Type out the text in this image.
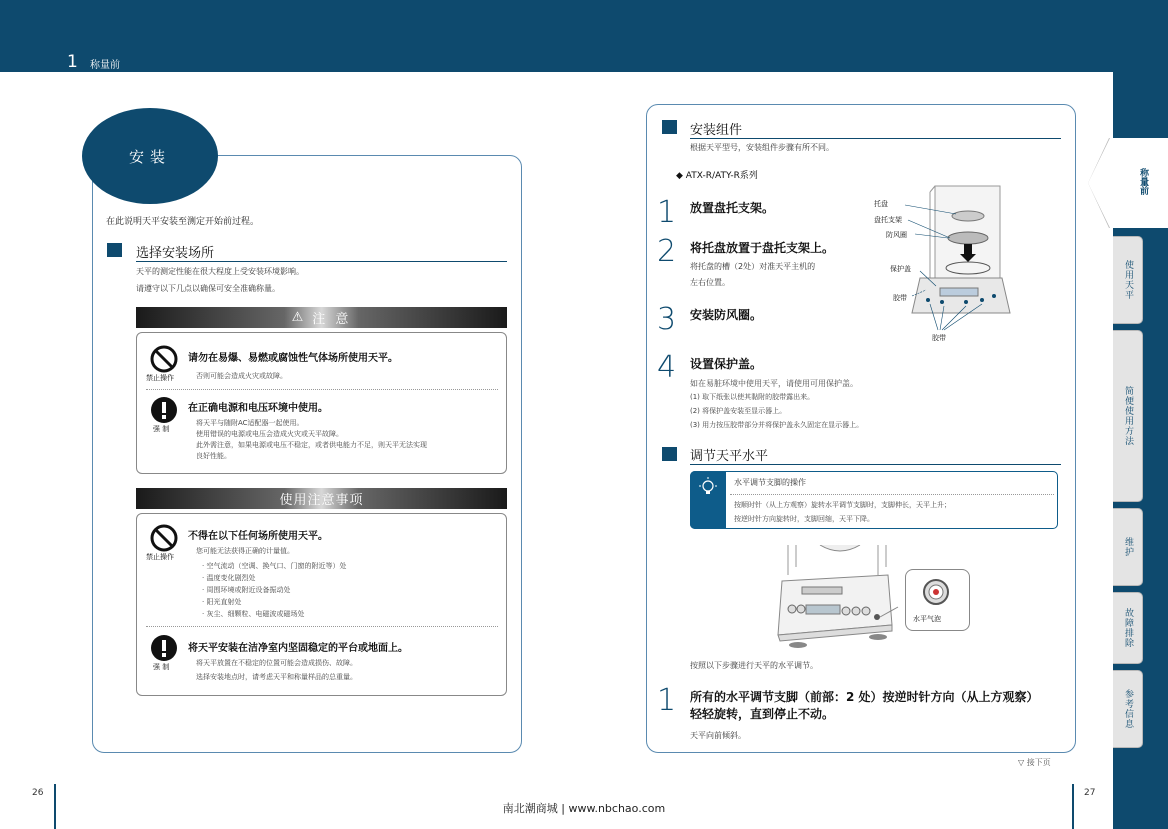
1 称量前
称量前
使用天平
简便使用方法
维护
故障排除
参考信息
安装
在此说明天平安装至测定开始前过程。
选择安装场所
天平的测定性能在很大程度上受安装环境影响。
请遵守以下几点以确保可安全准确称量。
⚠ 注 意
禁止操作
请勿在易爆、易燃或腐蚀性气体场所使用天平。
否则可能会造成火灾或故障。
强 制
在正确电源和电压环境中使用。
将天平与随附AC适配器一起使用。
使用错误的电源或电压会造成火灾或天平故障。
此外需注意，如果电源或电压不稳定，或者供电能力不足，则天平无法实现
良好性能。
使用注意事项
禁止操作
不得在以下任何场所使用天平。
您可能无法获得正确的计量值。
· 空气流动（空调、换气口、门窗的附近等）处
· 温度变化剧烈处
· 周围环境或附近设备振动处
· 阳光直射处
· 灰尘、细颗粒、电磁波或磁场处
强 制
将天平安装在洁净室内坚固稳定的平台或地面上。
将天平放置在不稳定的位置可能会造成损伤、故障。
选择安装地点时，请考虑天平和称量样品的总重量。
26
安装组件
根据天平型号，安装组件步骤有所不同。
◆ ATX-R/ATY-R系列
1 放置盘托支架。
2 将托盘放置于盘托支架上。
将托盘的槽（2处）对准天平主机的
左右位置。
3 安装防风圈。
4 设置保护盖。
如在易脏环境中使用天平，请使用可用保护盖。
(1) 取下纸张以使其黏附的胶带露出来。
(2) 将保护盖安装至显示器上。
(3) 用力按压胶带部分并将保护盖永久固定在显示器上。
托盘
盘托支架
防风圈
保护盖
胶带
胶带
调节天平水平
水平调节支脚的操作
按顺时针（从上方观察）旋转水平调节支脚时，支脚伸长，天平上升；
按逆时针方向旋转时，支脚回缩，天平下降。
水平气泡
按照以下步骤进行天平的水平调节。
1 所有的水平调节支脚（前部：2 处）按逆时针方向（从上方观察）
轻轻旋转，直到停止不动。
天平向前倾斜。
▽ 接下页
27
南北潮商城 | www.nbchao.com
